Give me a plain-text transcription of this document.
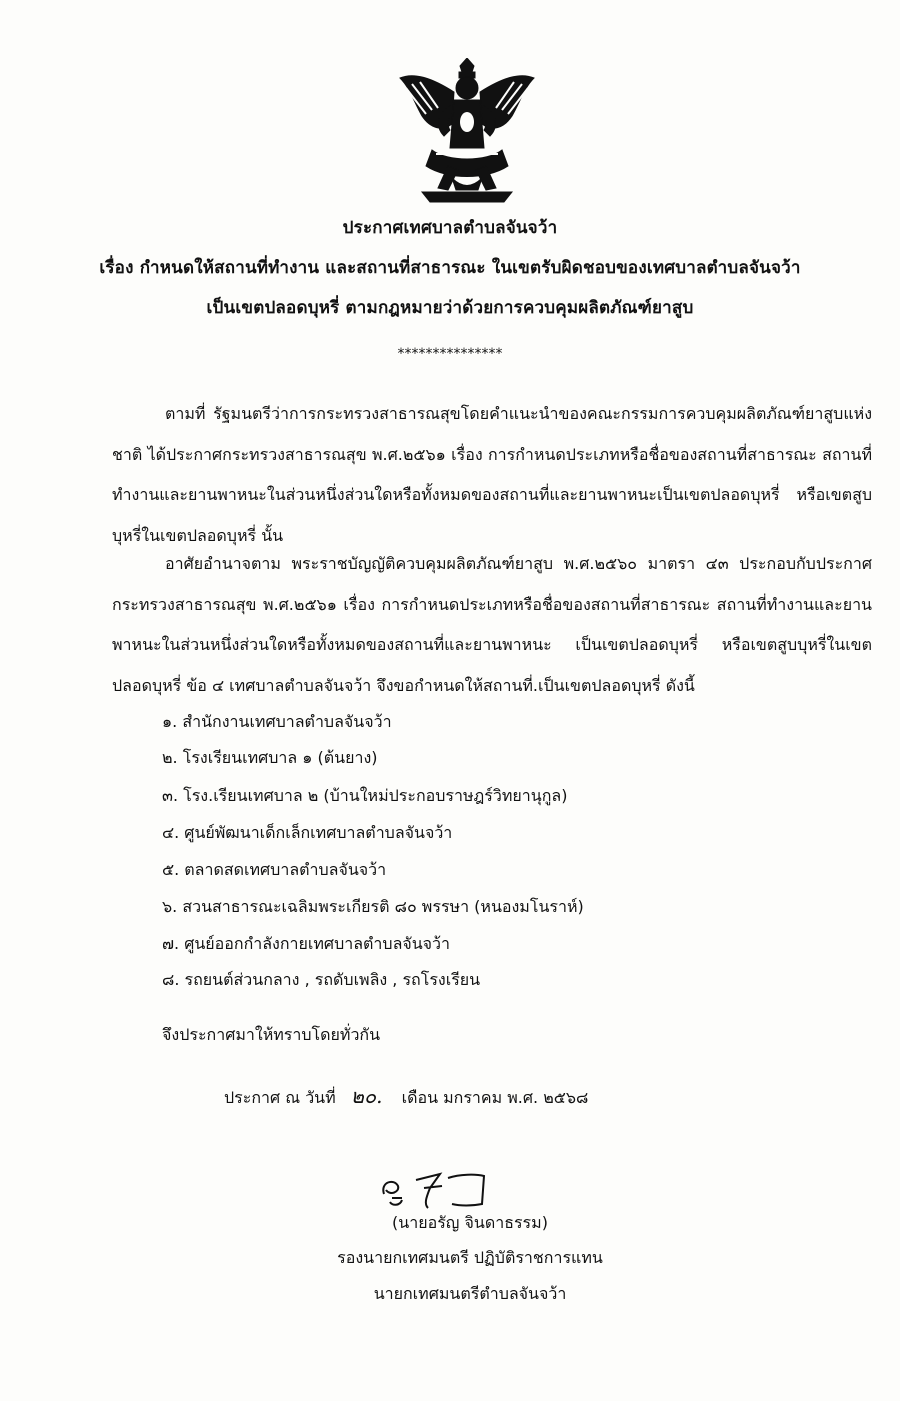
ประกาศเทศบาลตำบลจันจว้า
เรื่อง กำหนดให้สถานที่ทำงาน และสถานที่สาธารณะ ในเขตรับผิดชอบของเทศบาลตำบลจันจว้า
เป็นเขตปลอดบุหรี่ ตามกฎหมายว่าด้วยการควบคุมผลิตภัณฑ์ยาสูบ
***************
ตามที่ รัฐมนตรีว่าการกระทรวงสาธารณสุขโดยคำแนะนำของคณะกรรมการควบคุมผลิตภัณฑ์ยาสูบแห่งชาติ ได้ประกาศกระทรวงสาธารณสุข พ.ศ.๒๕๖๑ เรื่อง การกำหนดประเภทหรือชื่อของสถานที่สาธารณะ สถานที่ทำงานและยานพาหนะในส่วนหนึ่งส่วนใดหรือทั้งหมดของสถานที่และยานพาหนะเป็นเขตปลอดบุหรี่ หรือเขตสูบบุหรี่ในเขตปลอดบุหรี่ นั้น
อาศัยอำนาจตาม พระราชบัญญัติควบคุมผลิตภัณฑ์ยาสูบ พ.ศ.๒๕๖๐ มาตรา ๔๓ ประกอบกับประกาศกระทรวงสาธารณสุข พ.ศ.๒๕๖๑ เรื่อง การกำหนดประเภทหรือชื่อของสถานที่สาธารณะ สถานที่ทำงานและยานพาหนะในส่วนหนึ่งส่วนใดหรือทั้งหมดของสถานที่และยานพาหนะ เป็นเขตปลอดบุหรี่ หรือเขตสูบบุหรี่ในเขตปลอดบุหรี่ ข้อ ๔ เทศบาลตำบลจันจว้า จึงขอกำหนดให้สถานที่.เป็นเขตปลอดบุหรี่ ดังนี้
๑. สำนักงานเทศบาลตำบลจันจว้า
๒. โรงเรียนเทศบาล ๑ (ต้นยาง)
๓. โรง.เรียนเทศบาล ๒ (บ้านใหม่ประกอบราษฎร์วิทยานุกูล)
๔. ศูนย์พัฒนาเด็กเล็กเทศบาลตำบลจันจว้า
๕. ตลาดสดเทศบาลตำบลจันจว้า
๖. สวนสาธารณะเฉลิมพระเกียรติ ๘๐ พรรษา (หนองมโนราห์)
๗. ศูนย์ออกกำลังกายเทศบาลตำบลจันจว้า
๘. รถยนต์ส่วนกลาง , รถดับเพลิง , รถโรงเรียน
จึงประกาศมาให้ทราบโดยทั่วกัน
ประกาศ ณ วันที่ ๒๐. เดือน มกราคม พ.ศ. ๒๕๖๘
(นายอรัญ จินดาธรรม)
รองนายกเทศมนตรี ปฏิบัติราชการแทน
นายกเทศมนตรีตำบลจันจว้า
